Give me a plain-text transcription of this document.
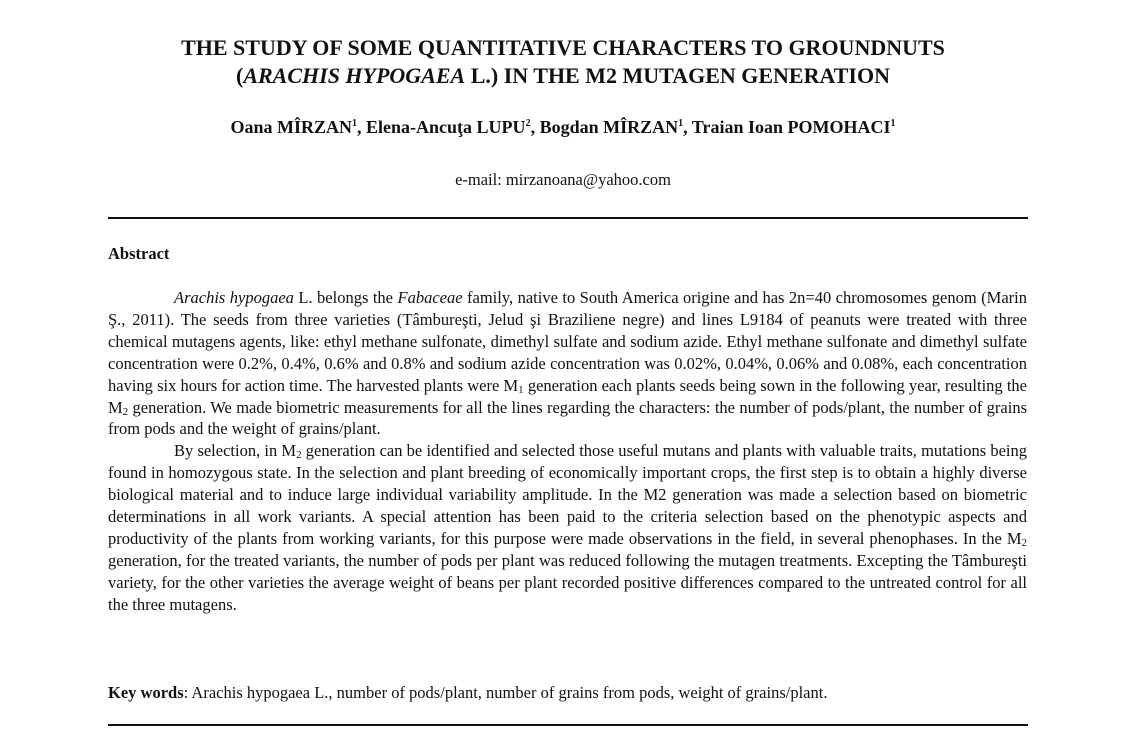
THE STUDY OF SOME QUANTITATIVE CHARACTERS TO GROUNDNUTS
(ARACHIS HYPOGAEA L.) IN THE M2 MUTAGEN GENERATION
Oana MÎRZAN$^1$, Elena-Ancuţa LUPU$^2$, Bogdan MÎRZAN$^1$, Traian Ioan POMOHACI$^1$
e-mail: mirzanoana@yahoo.com
Abstract

Arachis hypogaea L. belongs the Fabaceae family, native to South America origine and has 2n=40 chromosomes genom (Marin Ş., 2011). The seeds from three varieties (Tâmbureşti, Jelud şi Braziliene negre) and lines L9184 of peanuts were treated with three chemical mutagens agents, like: ethyl methane sulfonate, dimethyl sulfate and sodium azide. Ethyl methane sulfonate and dimethyl sulfate concentration were 0.2%, 0.4%, 0.6% and 0.8% and sodium azide concentration was 0.02%, 0.04%, 0.06% and 0.08%, each concentration having six hours for action time. The harvested plants were $M_1$ generation each plants seeds being sown in the following year, resulting the $M_2$ generation. We made biometric measurements for all the lines regarding the characters: the number of pods/plant, the number of grains from pods and the weight of grains/plant.

By selection, in $M_2$ generation can be identified and selected those useful mutans and plants with valuable traits, mutations being found in homozygous state. In the selection and plant breeding of economically important crops, the first step is to obtain a highly diverse biological material and to induce large individual variability amplitude. In the M2 generation was made a selection based on biometric determinations in all work variants. A special attention has been paid to the criteria selection based on the phenotypic aspects and productivity of the plants from working variants, for this purpose were made observations in the field, in several phenophases. In the $M_2$ generation, for the treated variants, the number of pods per plant was reduced following the mutagen treatments. Excepting the Tâmbureşti variety, for the other varieties the average weight of beans per plant recorded positive differences compared to the untreated control for all the three mutagens.

Key words: Arachis hypogaea L., number of pods/plant, number of grains from pods, weight of grains/plant.
